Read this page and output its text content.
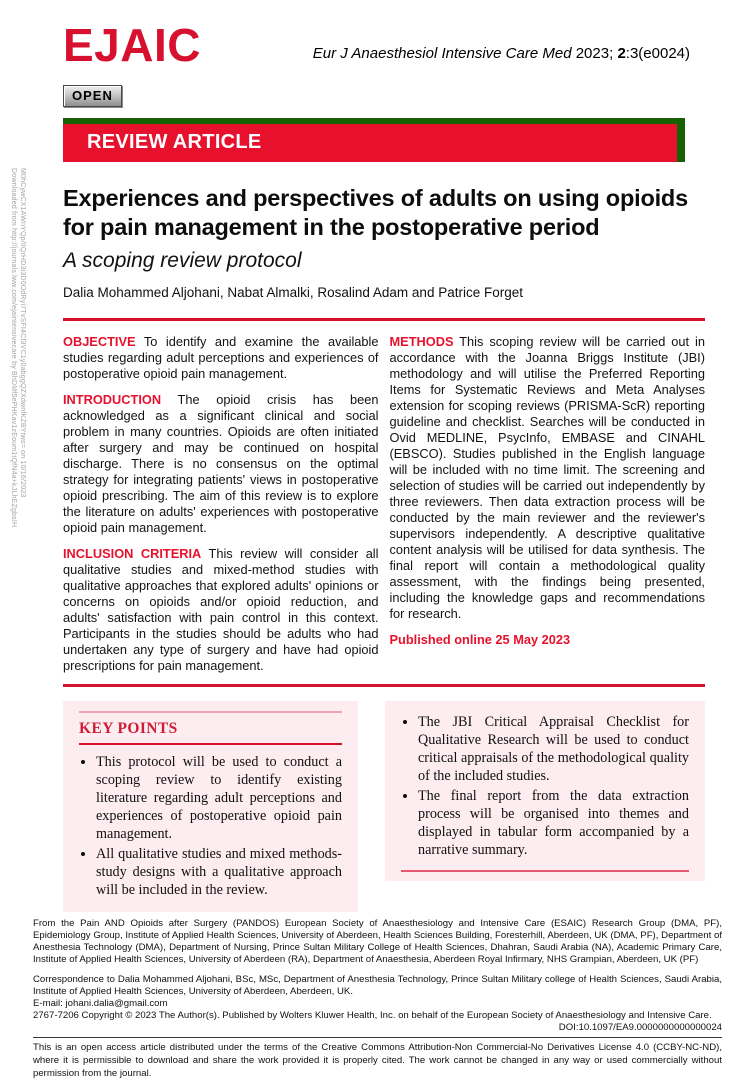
Downloaded from http://journals.lww.com/ejaintensivecare by BhDMf5ePHKav1zEoum1tQfN4a+kJLhEZgbsIH M0hCywCX1AWnYQp/IlQrHD3i3D0OdRyi7TvSFI4Cf3VC1y0abggQZXdwnfKZBYtws= on 10/16/2023
EJAIC	Eur J Anaesthesiol Intensive Care Med 2023; 2:3(e0024)
OPEN
REVIEW ARTICLE
Experiences and perspectives of adults on using opioids for pain management in the postoperative period
A scoping review protocol
Dalia Mohammed Aljohani, Nabat Almalki, Rosalind Adam and Patrice Forget

OBJECTIVE To identify and examine the available studies regarding adult perceptions and experiences of postoperative opioid pain management.

INTRODUCTION The opioid crisis has been acknowledged as a significant clinical and social problem in many countries. Opioids are often initiated after surgery and may be continued on hospital discharge. There is no consensus on the optimal strategy for integrating patients' views in postoperative opioid prescribing. The aim of this review is to explore the literature on adults' experiences with postoperative opioid pain management.

INCLUSION CRITERIA This review will consider all qualitative studies and mixed-method studies with qualitative approaches that explored adults' opinions or concerns on opioids and/or opioid reduction, and adults' satisfaction with pain control in this context. Participants in the studies should be adults who had undertaken any type of surgery and have had opioid prescriptions for pain management.

METHODS This scoping review will be carried out in accordance with the Joanna Briggs Institute (JBI) methodology and will utilise the Preferred Reporting Items for Systematic Reviews and Meta Analyses extension for scoping reviews (PRISMA-ScR) reporting guideline and checklist. Searches will be conducted in Ovid MEDLINE, PsycInfo, EMBASE and CINAHL (EBSCO). Studies published in the English language will be included with no time limit. The screening and selection of studies will be carried out independently by three reviewers. Then data extraction process will be conducted by the main reviewer and the reviewer's supervisors independently. A descriptive qualitative content analysis will be utilised for data synthesis. The final report will contain a methodological quality assessment, with the findings being presented, including the knowledge gaps and recommendations for research.

Published online 25 May 2023

KEY POINTS
• This protocol will be used to conduct a scoping review to identify existing literature regarding adult perceptions and experiences of postoperative opioid pain management.
• All qualitative studies and mixed methods-study designs with a qualitative approach will be included in the review.
• The JBI Critical Appraisal Checklist for Qualitative Research will be used to conduct critical appraisals of the methodological quality of the included studies.
• The final report from the data extraction process will be organised into themes and displayed in tabular form accompanied by a narrative summary.

From the Pain AND Opioids after Surgery (PANDOS) European Society of Anaesthesiology and Intensive Care (ESAIC) Research Group (DMA, PF), Epidemiology Group, Institute of Applied Health Sciences, University of Aberdeen, Health Sciences Building, Foresterhill, Aberdeen, UK (DMA, PF), Department of Anesthesia Technology (DMA), Department of Nursing, Prince Sultan Military College of Health Sciences, Dhahran, Saudi Arabia (NA), Academic Primary Care, Institute of Applied Health Sciences, University of Aberdeen (RA), Department of Anaesthesia, Aberdeen Royal Infirmary, NHS Grampian, Aberdeen, UK (PF)

Correspondence to Dalia Mohammed Aljohani, BSc, MSc, Department of Anesthesia Technology, Prince Sultan Military college of Health Sciences, Saudi Arabia, Institute of Applied Health Sciences, University of Aberdeen, Aberdeen, UK.

E-mail: johani.dalia@gmail.com

2767-7206 Copyright © 2023 The Author(s). Published by Wolters Kluwer Health, Inc. on behalf of the European Society of Anaesthesiology and Intensive Care.

DOI:10.1097/EA9.0000000000000024

This is an open access article distributed under the terms of the Creative Commons Attribution-Non Commercial-No Derivatives License 4.0 (CCBY-NC-ND), where it is permissible to download and share the work provided it is properly cited. The work cannot be changed in any way or used commercially without permission from the journal.
